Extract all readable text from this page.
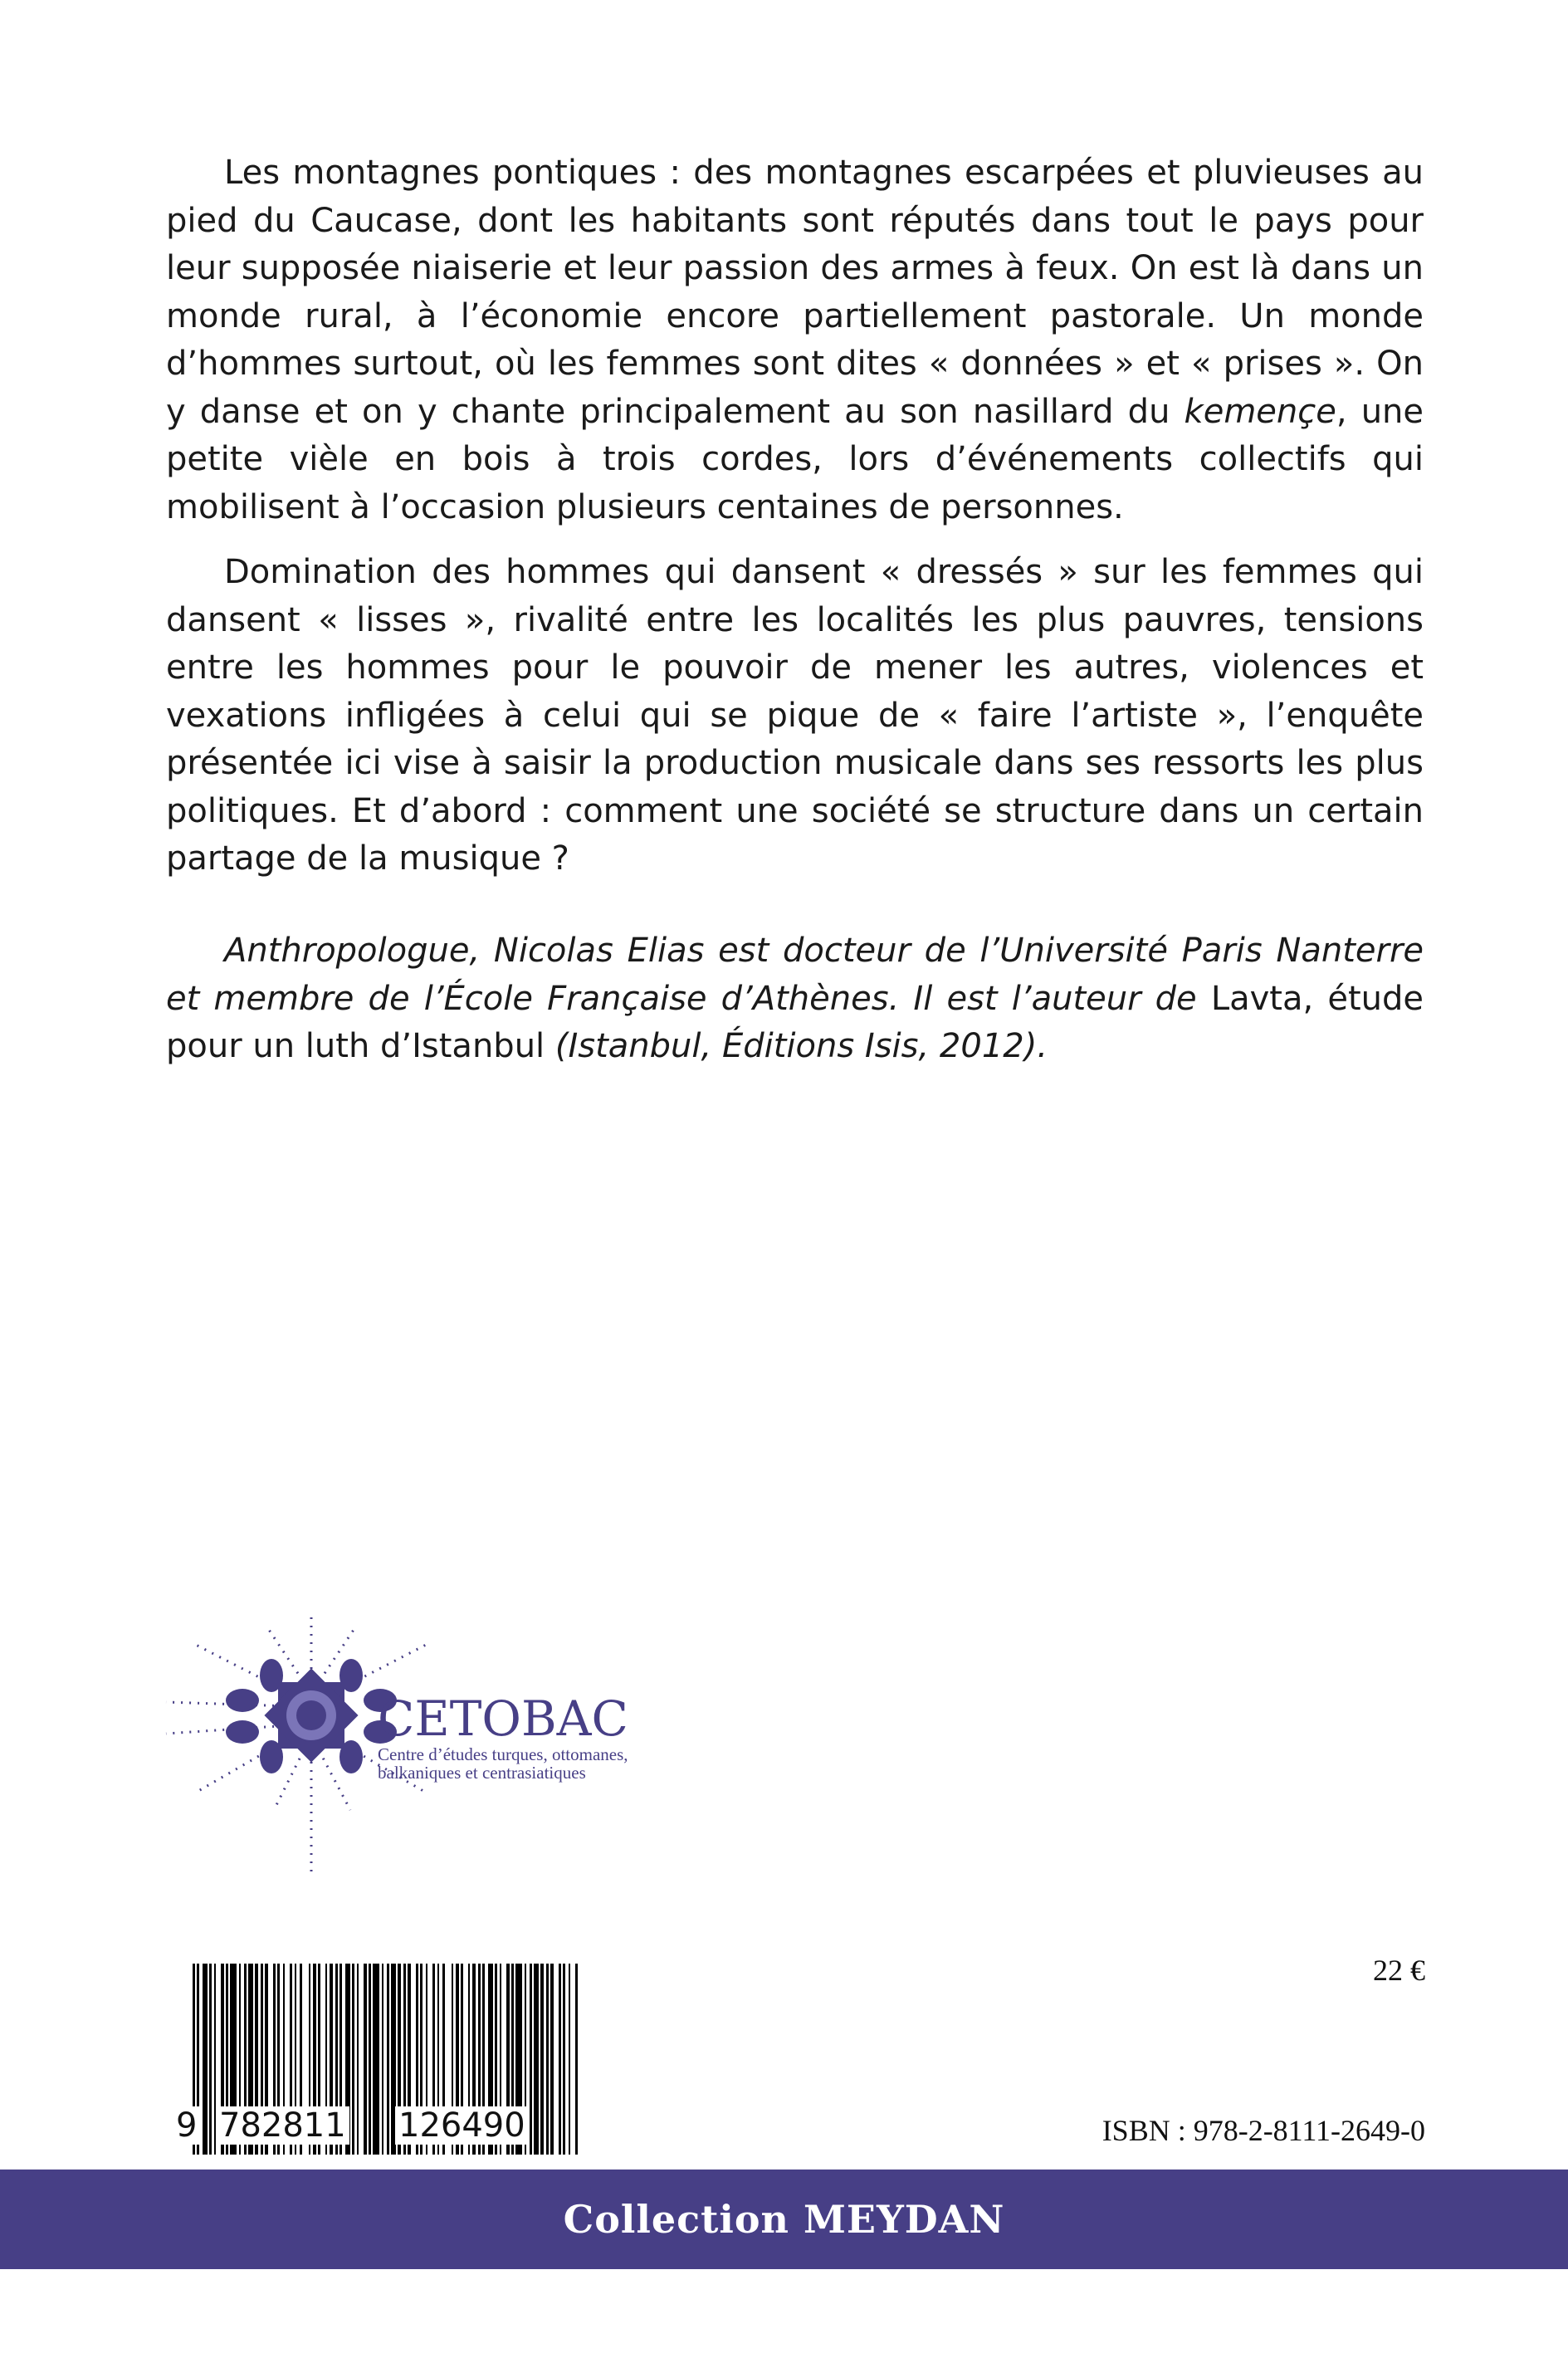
Les montagnes pontiques : des montagnes escarpées et pluvieuses au pied du Caucase, dont les habitants sont réputés dans tout le pays pour leur supposée niaiserie et leur passion des armes à feux. On est là dans un monde rural, à l’économie encore partiellement pastorale. Un monde d’hommes surtout, où les femmes sont dites « données » et « prises ». On y danse et on y chante principalement au son nasillard du kemençe, une petite vièle en bois à trois cordes, lors d’événements collectifs qui mobilisent à l’occasion plusieurs centaines de personnes.

Domination des hommes qui dansent « dressés » sur les femmes qui dansent « lisses », rivalité entre les localités les plus pauvres, tensions entre les hommes pour le pouvoir de mener les autres, violences et vexations infligées à celui qui se pique de « faire l’artiste », l’enquête présentée ici vise à saisir la production musicale dans ses ressorts les plus politiques. Et d’abord : comment une société se structure dans un certain partage de la musique ?

Anthropologue, Nicolas Elias est docteur de l’Université Paris Nanterre et membre de l’École Française d’Athènes. Il est l’auteur de Lavta, étude pour un luth d’Istanbul (Istanbul, Éditions Isis, 2012).

CETOBAC
Centre d’études turques, ottomanes,
balkaniques et centrasiatiques
9 782811 126490
22 €
ISBN : 978-2-8111-2649-0
Collection MEYDAN
